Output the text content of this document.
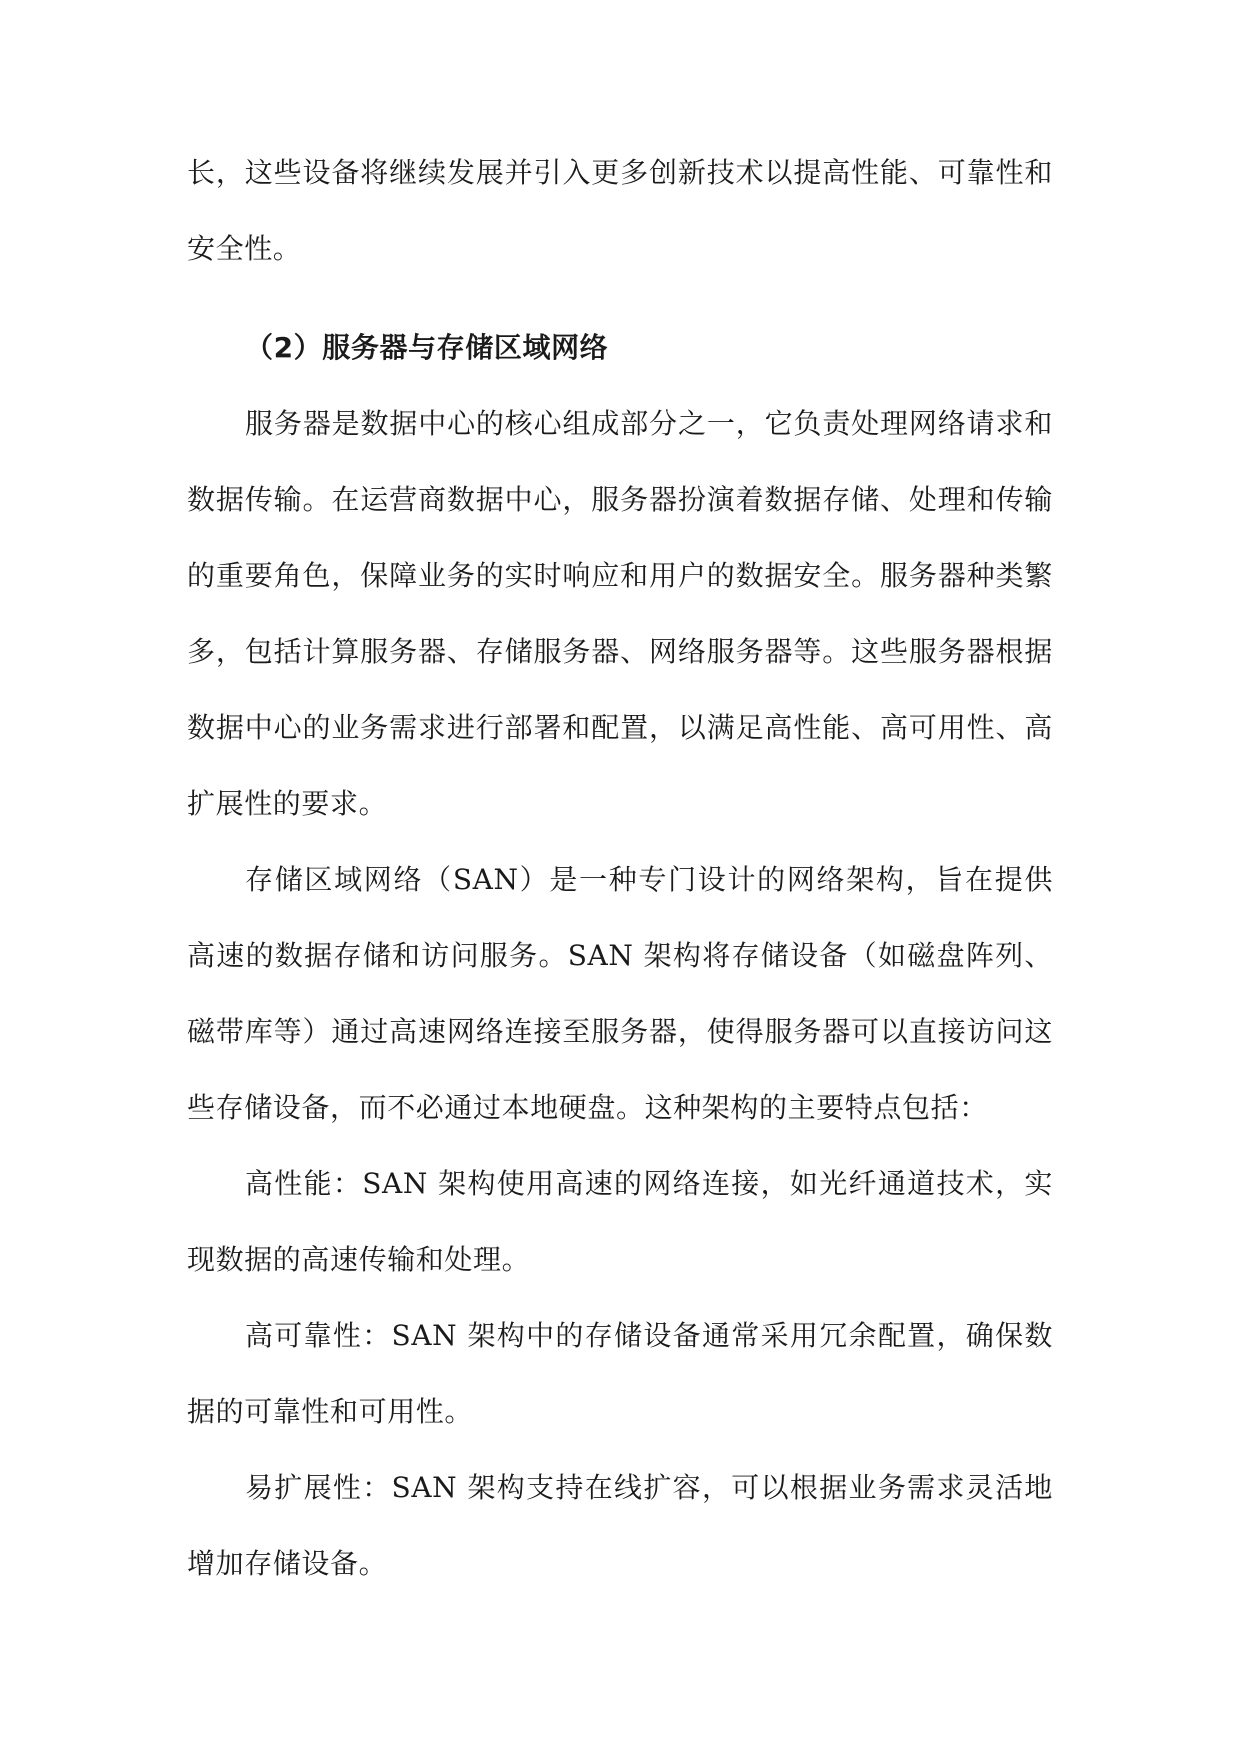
长，这些设备将继续发展并引入更多创新技术以提高性能、可靠性和安全性。

（2）服务器与存储区域网络

服务器是数据中心的核心组成部分之一，它负责处理网络请求和数据传输。在运营商数据中心，服务器扮演着数据存储、处理和传输的重要角色，保障业务的实时响应和用户的数据安全。服务器种类繁多，包括计算服务器、存储服务器、网络服务器等。这些服务器根据数据中心的业务需求进行部署和配置，以满足高性能、高可用性、高扩展性的要求。

存储区域网络（SAN）是一种专门设计的网络架构，旨在提供高速的数据存储和访问服务。SAN 架构将存储设备（如磁盘阵列、磁带库等）通过高速网络连接至服务器，使得服务器可以直接访问这些存储设备，而不必通过本地硬盘。这种架构的主要特点包括：

高性能：SAN 架构使用高速的网络连接，如光纤通道技术，实现数据的高速传输和处理。

高可靠性：SAN 架构中的存储设备通常采用冗余配置，确保数据的可靠性和可用性。

易扩展性：SAN 架构支持在线扩容，可以根据业务需求灵活地增加存储设备。
